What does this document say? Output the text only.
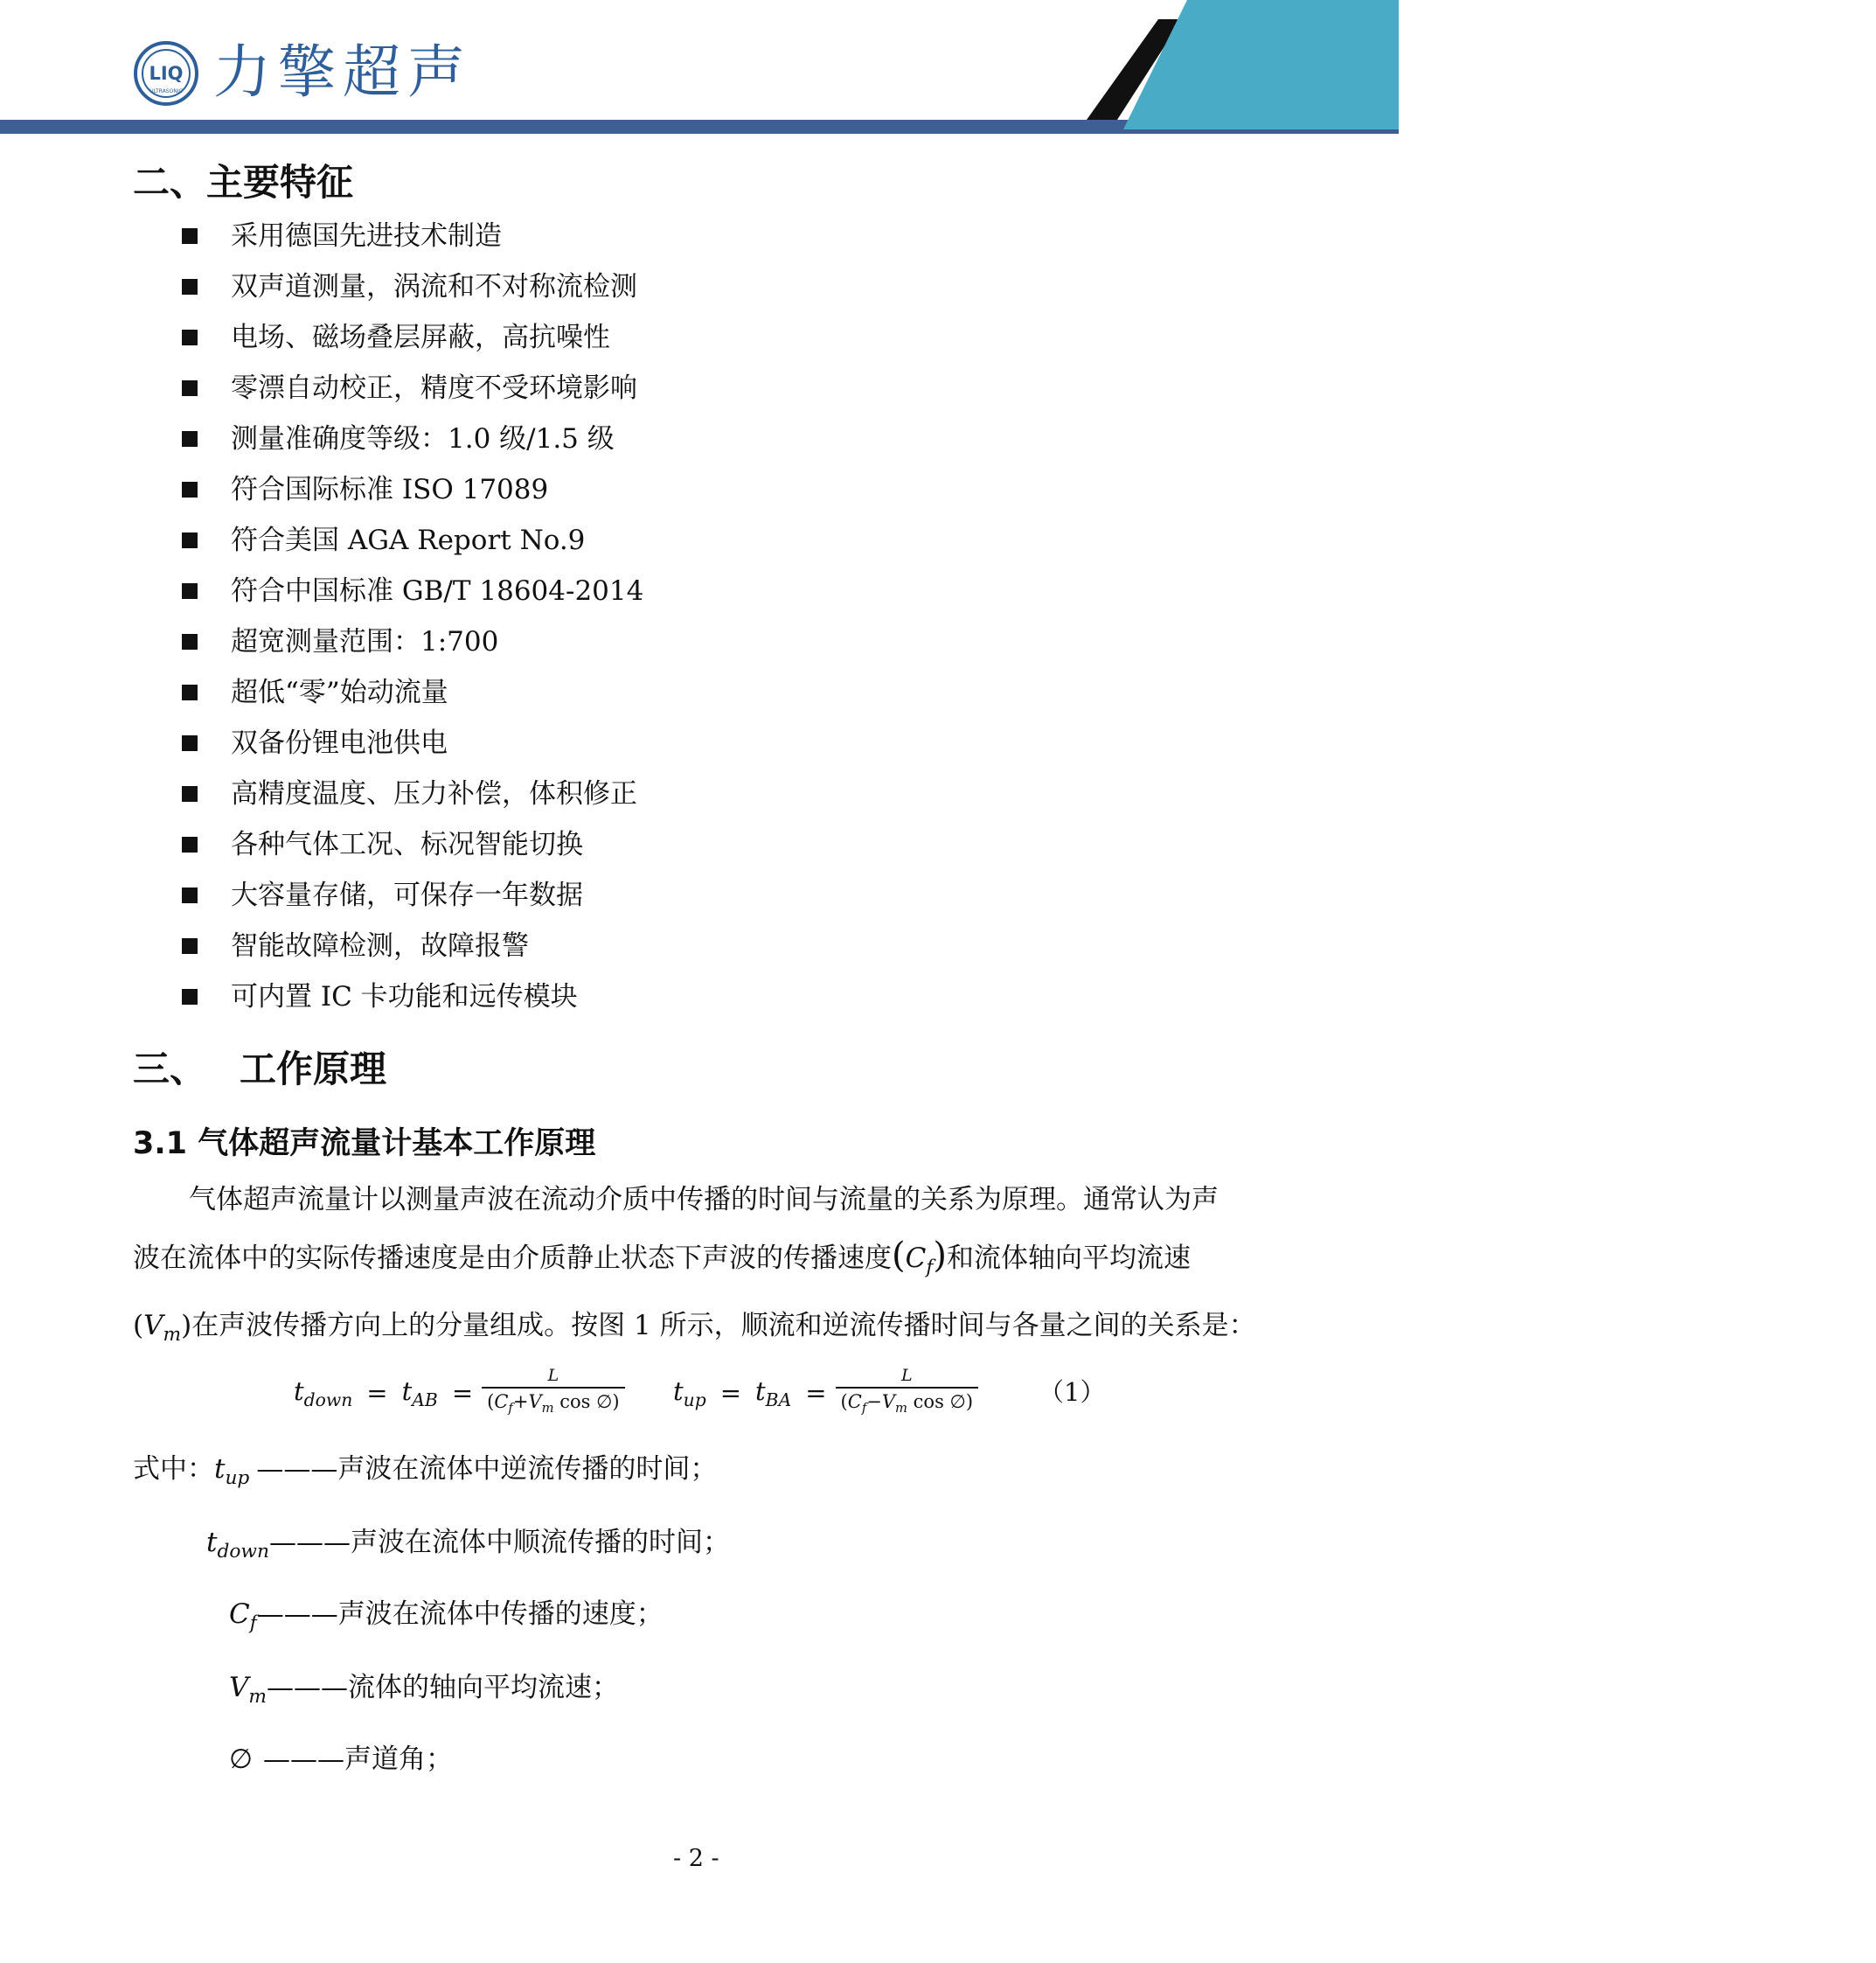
LIQ
ULTRASONIC 力擎超声
二、主要特征
采用德国先进技术制造
双声道测量，涡流和不对称流检测
电场、磁场叠层屏蔽，高抗噪性
零漂自动校正，精度不受环境影响
测量准确度等级：1.0 级/1.5 级
符合国际标准 ISO 17089
符合美国 AGA Report No.9
符合中国标准 GB/T 18604-2014
超宽测量范围：1:700
超低“零”始动流量
双备份锂电池供电
高精度温度、压力补偿，体积修正
各种气体工况、标况智能切换
大容量存储，可保存一年数据
智能故障检测，故障报警
可内置 IC 卡功能和远传模块
三、 工作原理
3.1 气体超声流量计基本工作原理
气体超声流量计以测量声波在流动介质中传播的时间与流量的关系为原理。通常认为声
波在流体中的实际传播速度是由介质静止状态下声波的传播速度$(C_f)$和流体轴向平均流速
$(V_m)$在声波传播方向上的分量组成。按图 1 所示，顺流和逆流传播时间与各量之间的关系是：
$t_{down} = t_{AB} = \frac{L}{(C_f+V_m \cos \emptyset)} t_{up} = t_{BA} = \frac{L}{(C_f-V_m \cos \emptyset)} (1)$
式中：$t_{up}$ ———声波在流体中逆流传播的时间；
$t_{down}———$声波在流体中顺流传播的时间；
$C_f———$声波在流体中传播的速度；
$V_m———$流体的轴向平均流速；
∅ ———声道角；
- 2 -
